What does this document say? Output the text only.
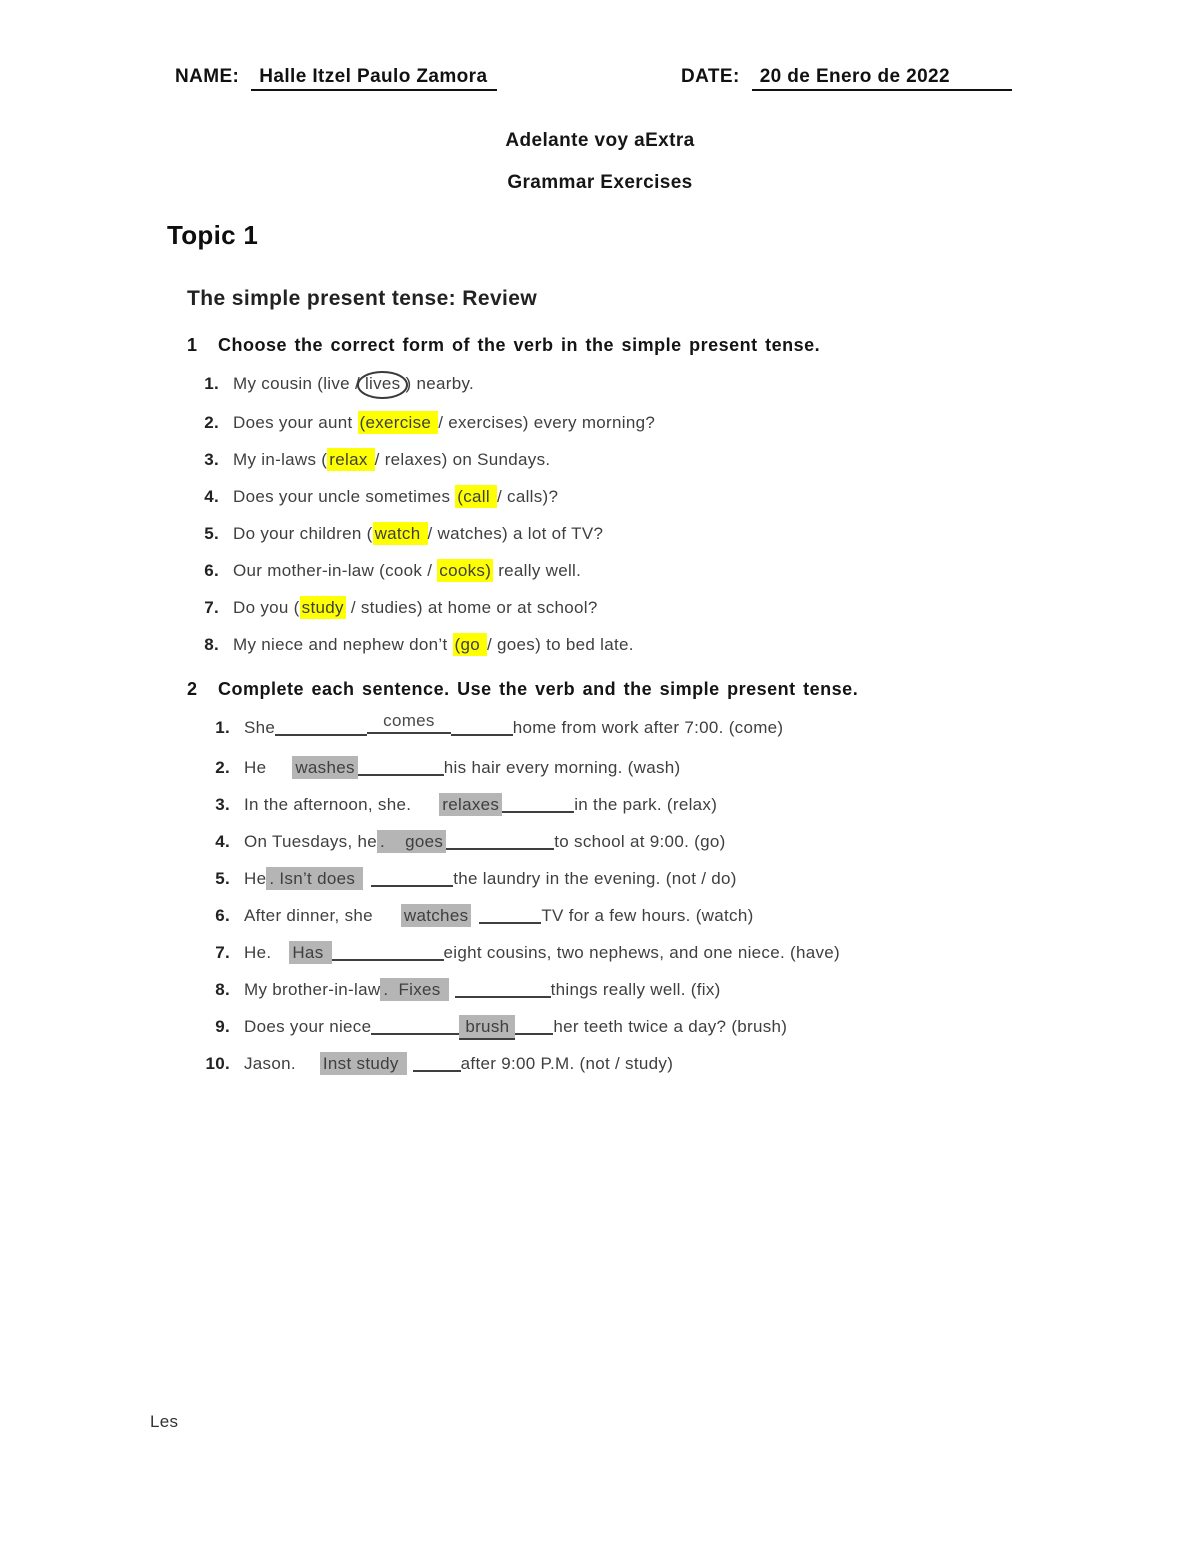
NAME: Halle Itzel Paulo Zamora	DATE: 20 de Enero de 2022
Adelante voy aExtra
Grammar Exercises
Topic 1
The simple present tense: Review
1 Choose the correct form of the verb in the simple present tense.
1. My cousin (live / lives ) nearby.
2. Does your aunt (exercise / exercises) every morning?
3. My in-laws ( relax / relaxes) on Sundays.
4. Does your uncle sometimes (call / calls)?
5. Do your children ( watch / watches) a lot of TV?
6. Our mother-in-law (cook / cooks) really well.
7. Do you ( study / studies) at home or at school?
8. My niece and nephew don’t (go / goes) to bed late.
2 Complete each sentence. Use the verb and the simple present tense.
1. She	comes	home from work after 7:00. (come)
2. He washes	his hair every morning. (wash)
3. In the afternoon, she. relaxes	in the park. (relax)
4. On Tuesdays, he .    goes	to school at 9:00. (go)
5. He . Isn’t does	the laundry in the evening. (not / do)
6. After dinner, she watches	TV for a few hours. (watch)
7. He. Has	eight cousins, two nephews, and one niece. (have)
8. My brother-in-law .  Fixes	things really well. (fix)
9. Does your niece	brush	her teeth twice a day? (brush)
10. Jason. Inst study	after 9:00 P.M. (not / study)
Les
